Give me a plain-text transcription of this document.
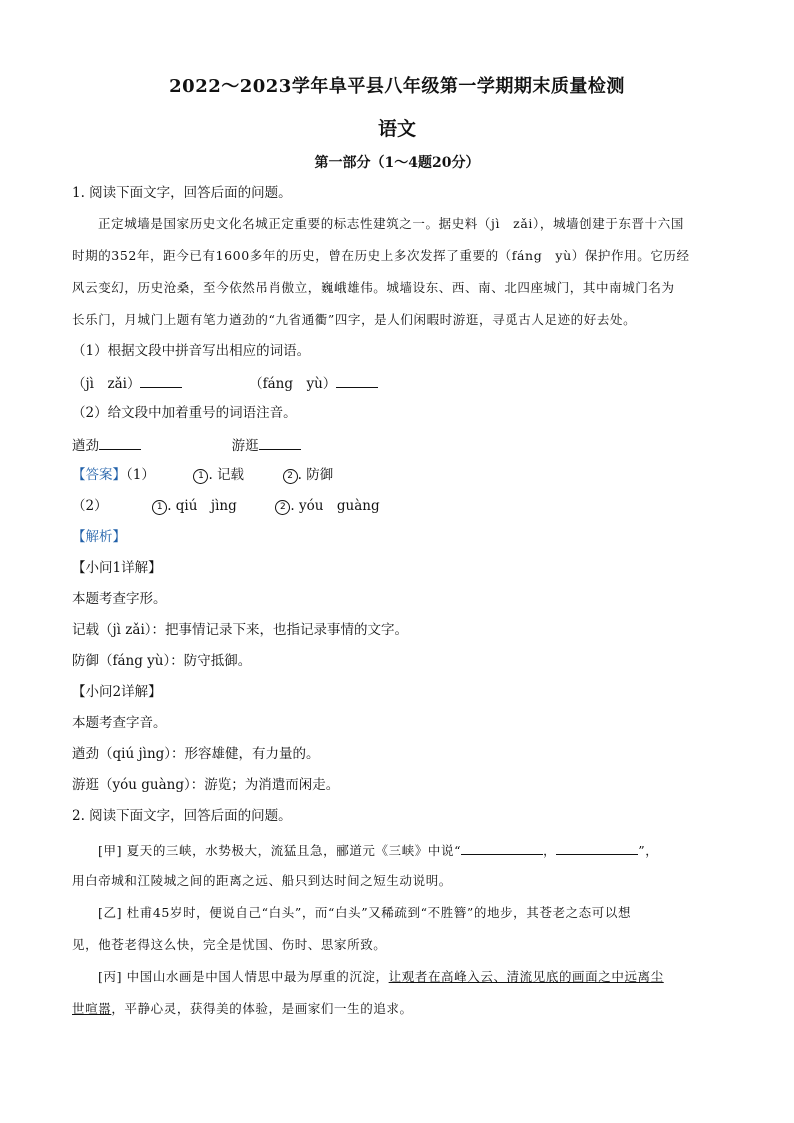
2022～2023学年阜平县八年级第一学期期末质量检测
语文
第一部分（1～4题20分）
1. 阅读下面文字，回答后面的问题。
正定城墙是国家历史文化名城正定重要的标志性建筑之一。据史料（jì　zǎi），城墙创建于东晋十六国
时期的352年，距今已有1600多年的历史，曾在历史上多次发挥了重要的（fáng　yù）保护作用。它历经
风云变幻，历史沧桑，至今依然吊肖傲立，巍峨雄伟。城墙设东、西、南、北四座城门，其中南城门名为
长乐门，月城门上题有笔力遒劲的“九省通衢”四字，是人们闲暇时游逛，寻觅古人足迹的好去处。
（1）根据文段中拼音写出相应的词语。
（jì　zǎi）	（fáng　yù）
（2）给文段中加着重号的词语注音。
遒劲	游逛
【答案】（1）	1 . 记载	2 . 防御
（2）	1 . qiú　jìng	2 . yóu　guàng
【解析】
【小问1详解】
本题考查字形。
记载（jì zǎi）：把事情记录下来，也指记录事情的文字。
防御（fáng yù）：防守抵御。
【小问2详解】
本题考查字音。
遒劲（qiú jìng）：形容雄健，有力量的。
游逛（yóu guàng）：游览；为消遣而闲走。
2. 阅读下面文字，回答后面的问题。
[甲] 夏天的三峡，水势极大，流猛且急，郦道元《三峡》中说“	，	”，
用白帝城和江陵城之间的距离之远、船只到达时间之短生动说明。
[乙] 杜甫45岁时，便说自己“白头”，而“白头”又稀疏到“不胜簪”的地步，其苍老之态可以想
见，他苍老得这么快，完全是忧国、伤时、思家所致。
[丙] 中国山水画是中国人情思中最为厚重的沉淀，让观者在高峰入云、清流见底的画面之中远离尘
世喧嚣，平静心灵，获得美的体验，是画家们一生的追求。
